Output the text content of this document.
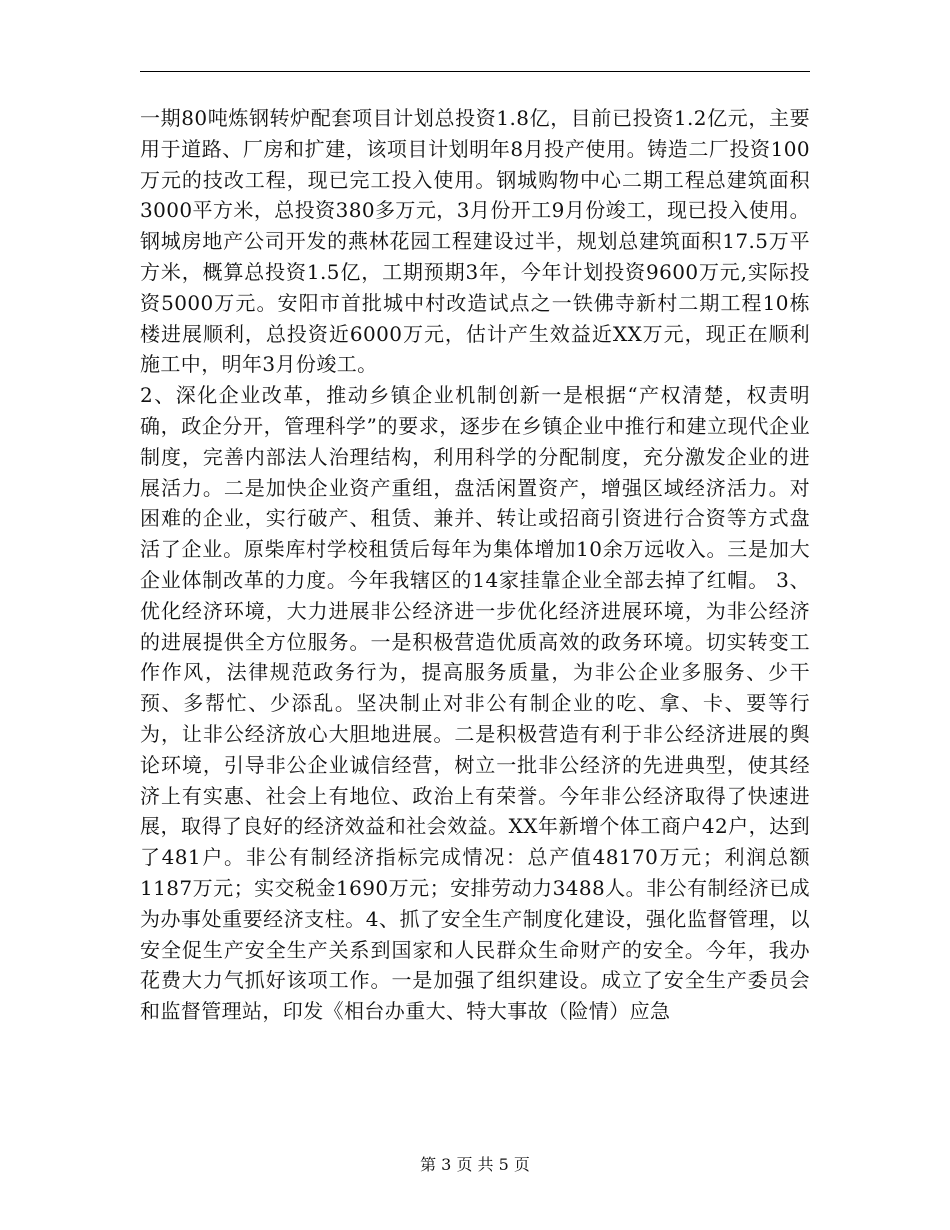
一期80吨炼钢转炉配套项目计划总投资1.8亿，目前已投资1.2亿元，主要用于道路、厂房和扩建，该项目计划明年8月投产使用。铸造二厂投资100万元的技改工程，现已完工投入使用。钢城购物中心二期工程总建筑面积3000平方米，总投资380多万元，3月份开工9月份竣工，现已投入使用。钢城房地产公司开发的燕林花园工程建设过半，规划总建筑面积17.5万平方米，概算总投资1.5亿，工期预期3年，今年计划投资9600万元,实际投资5000万元。安阳市首批城中村改造试点之一铁佛寺新村二期工程10栋楼进展顺利，总投资近6000万元，估计产生效益近XX万元，现正在顺利施工中，明年3月份竣工。

2、深化企业改革，推动乡镇企业机制创新一是根据“产权清楚，权责明确，政企分开，管理科学”的要求，逐步在乡镇企业中推行和建立现代企业制度，完善内部法人治理结构，利用科学的分配制度，充分激发企业的进展活力。二是加快企业资产重组，盘活闲置资产，增强区域经济活力。对困难的企业，实行破产、租赁、兼并、转让或招商引资进行合资等方式盘活了企业。原柴库村学校租赁后每年为集体增加10余万远收入。三是加大企业体制改革的力度。今年我辖区的14家挂靠企业全部去掉了红帽。 3、优化经济环境，大力进展非公经济进一步优化经济进展环境，为非公经济的进展提供全方位服务。一是积极营造优质高效的政务环境。切实转变工作作风，法律规范政务行为，提高服务质量，为非公企业多服务、少干预、多帮忙、少添乱。坚决制止对非公有制企业的吃、拿、卡、要等行为，让非公经济放心大胆地进展。二是积极营造有利于非公经济进展的舆论环境，引导非公企业诚信经营，树立一批非公经济的先进典型，使其经济上有实惠、社会上有地位、政治上有荣誉。今年非公经济取得了快速进展，取得了良好的经济效益和社会效益。XX年新增个体工商户42户，达到了481户。非公有制经济指标完成情况：总产值48170万元；利润总额1187万元；实交税金1690万元；安排劳动力3488人。非公有制经济已成为办事处重要经济支柱。4、抓了安全生产制度化建设，强化监督管理，以安全促生产安全生产关系到国家和人民群众生命财产的安全。今年，我办花费大力气抓好该项工作。一是加强了组织建设。成立了安全生产委员会和监督管理站，印发《相台办重大、特大事故（险情）应急

第 3 页 共 5 页
